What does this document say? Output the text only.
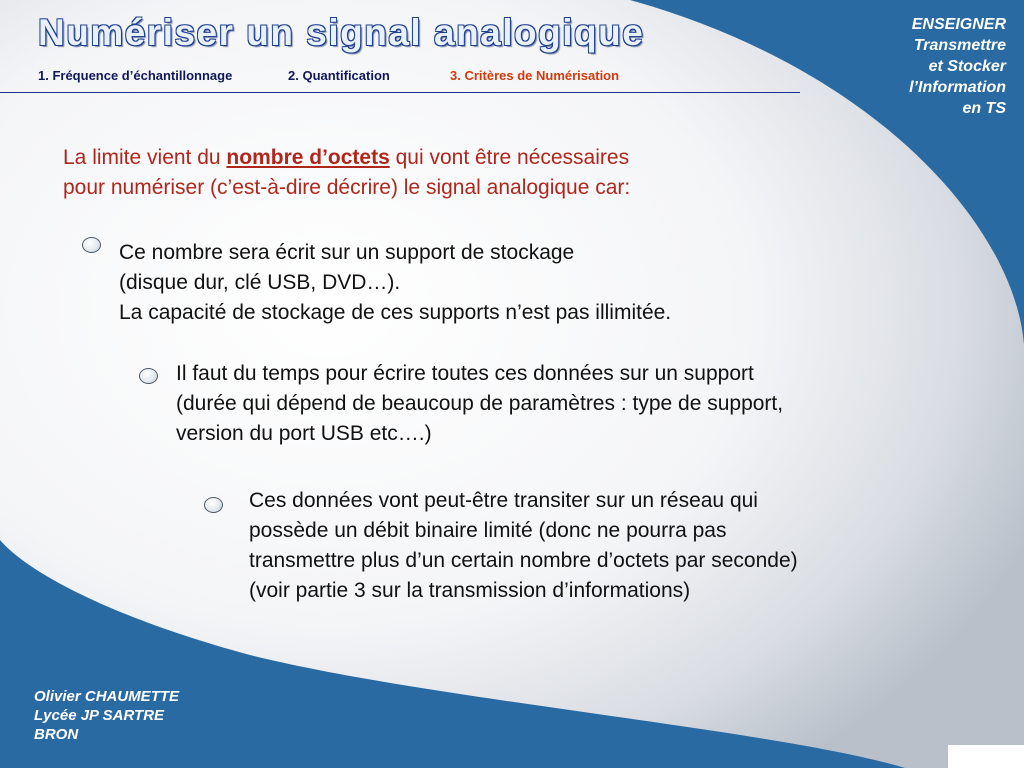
Numériser un signal analogique
1. Fréquence d’échantillonnage	2. Quantification	3. Critères de Numérisation
ENSEIGNER
Transmettre
et Stocker
l’Information
en TS
La limite vient du nombre d’octets qui vont être nécessaires
pour numériser (c’est-à-dire décrire) le signal analogique car:
Ce nombre sera écrit sur un support de stockage
(disque dur, clé USB, DVD…).
La capacité de stockage de ces supports n’est pas illimitée.
Il faut du temps pour écrire toutes ces données sur un support
(durée qui dépend de beaucoup de paramètres : type de support,
version du port USB etc….)
Ces données vont peut-être transiter sur un réseau qui
possède un débit binaire limité (donc ne pourra pas
transmettre plus d’un certain nombre d’octets par seconde)
(voir partie 3 sur la transmission d’informations)
Olivier CHAUMETTE
Lycée JP SARTRE
BRON
